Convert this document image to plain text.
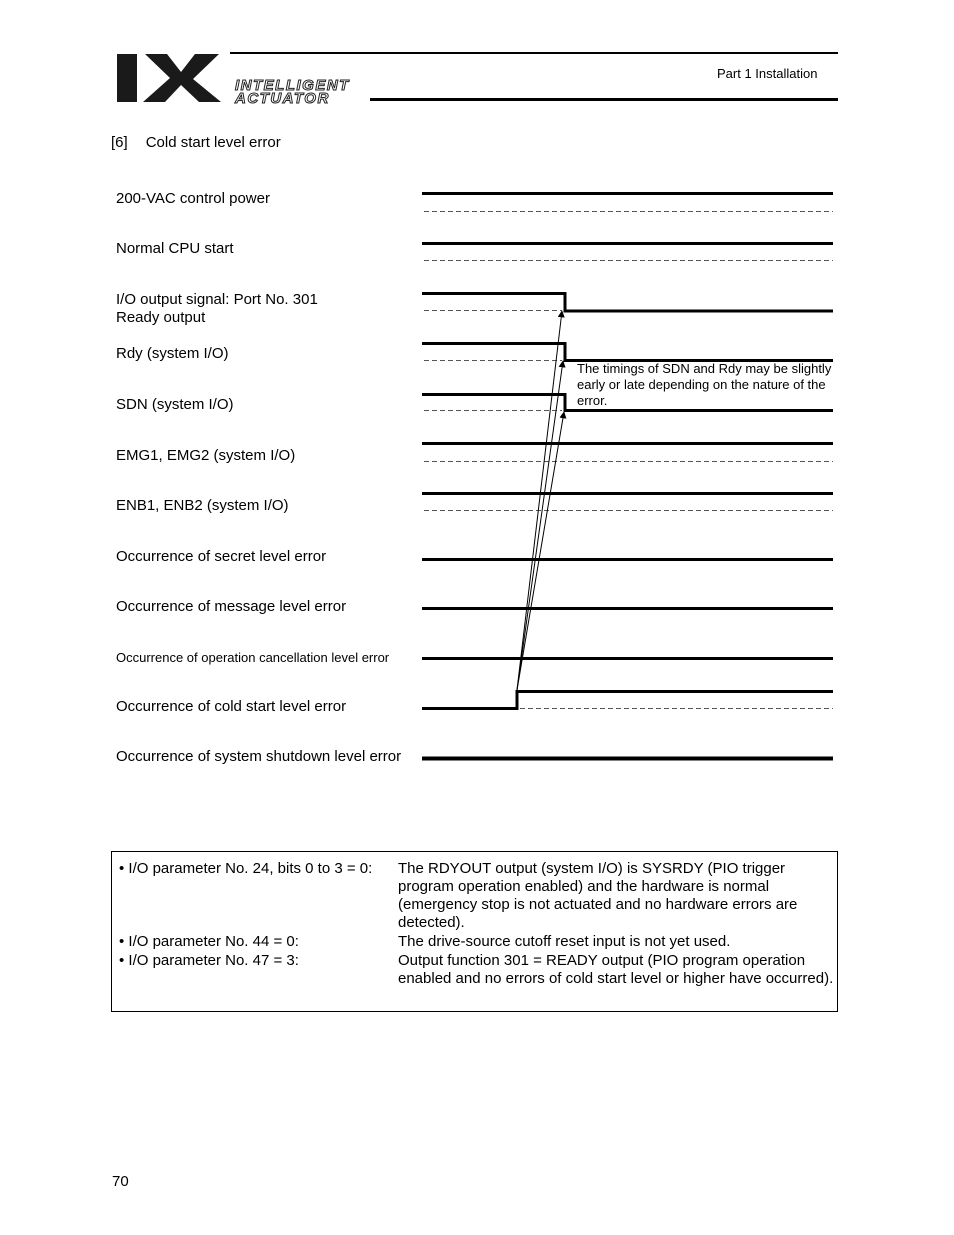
INTELLIGENT
ACTUATOR
Part 1 Installation
[6] Cold start level error
200-VAC control power
Normal CPU start
I/O output signal: Port No. 301
Ready output
Rdy (system I/O)
SDN (system I/O)
EMG1, EMG2 (system I/O)
ENB1, ENB2 (system I/O)
Occurrence of secret level error
Occurrence of message level error
Occurrence of operation cancellation level error
Occurrence of cold start level error
Occurrence of system shutdown level error
The timings of SDN and Rdy may be slightly early or late depending on the nature of the error.
• I/O parameter No. 24, bits 0 to 3 = 0:	The RDYOUT output (system I/O) is SYSRDY (PIO trigger program operation enabled) and the hardware is normal (emergency stop is not actuated and no hardware errors are detected).
• I/O parameter No. 44 = 0:	The drive-source cutoff reset input is not yet used.
• I/O parameter No. 47 = 3:	Output function 301 = READY output (PIO program operation enabled and no errors of cold start level or higher have occurred).
70
